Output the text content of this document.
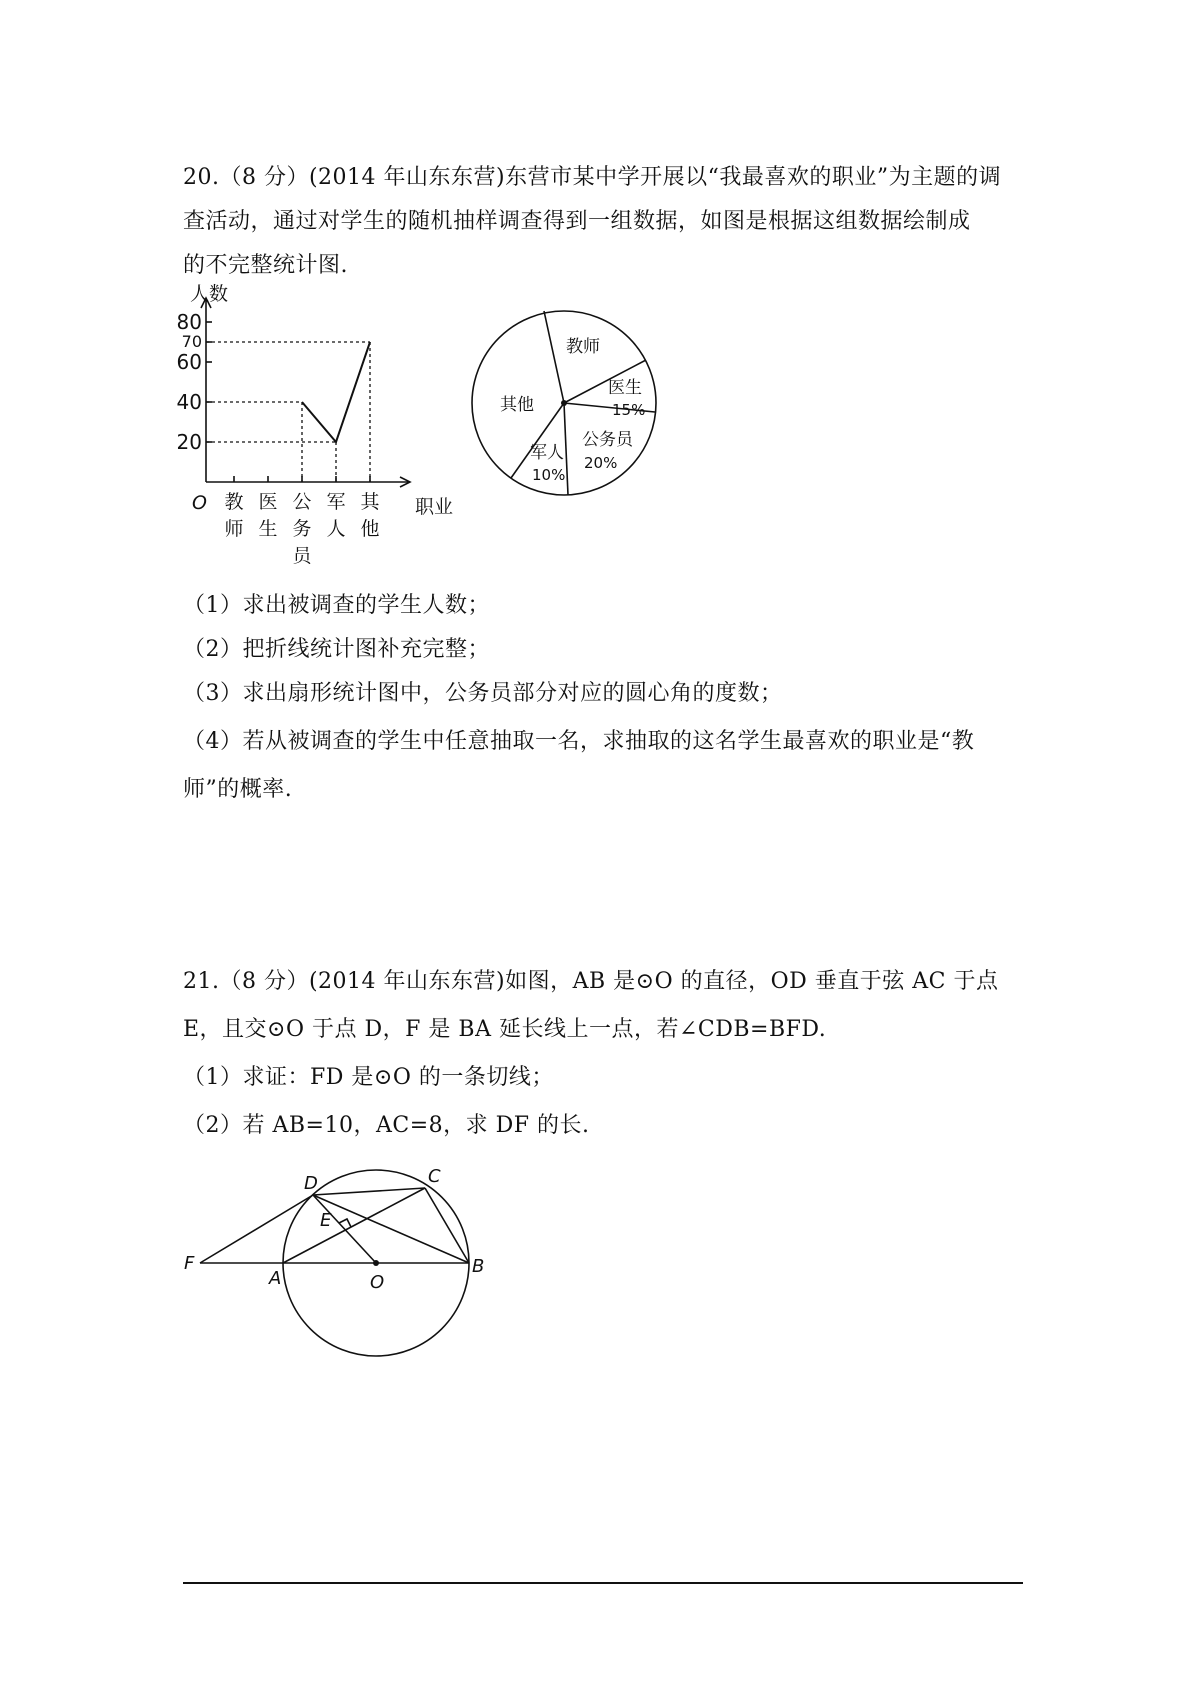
20.（8 分）(2014 年山东东营)东营市某中学开展以“我最喜欢的职业”为主题的调
查活动，通过对学生的随机抽样调查得到一组数据，如图是根据这组数据绘制成
的不完整统计图.
20
40
60
70
80
教
师
医
生
公
务
员
军
人
其
他
人数
职业
O
教师
医生
15%
公务员
20%
军人
10%
其他
（1）求出被调查的学生人数；
（2）把折线统计图补充完整；
（3）求出扇形统计图中，公务员部分对应的圆心角的度数；
（4）若从被调查的学生中任意抽取一名，求抽取的这名学生最喜欢的职业是“教
师”的概率.
21.（8 分）(2014 年山东东营)如图，AB 是⊙O 的直径，OD 垂直于弦 AC 于点
E，且交⊙O 于点 D，F 是 BA 延长线上一点，若∠CDB=BFD.
（1）求证：FD 是⊙O 的一条切线；
（2）若 AB=10，AC=8，求 DF 的长.
D	C
E
F
A	O
B
